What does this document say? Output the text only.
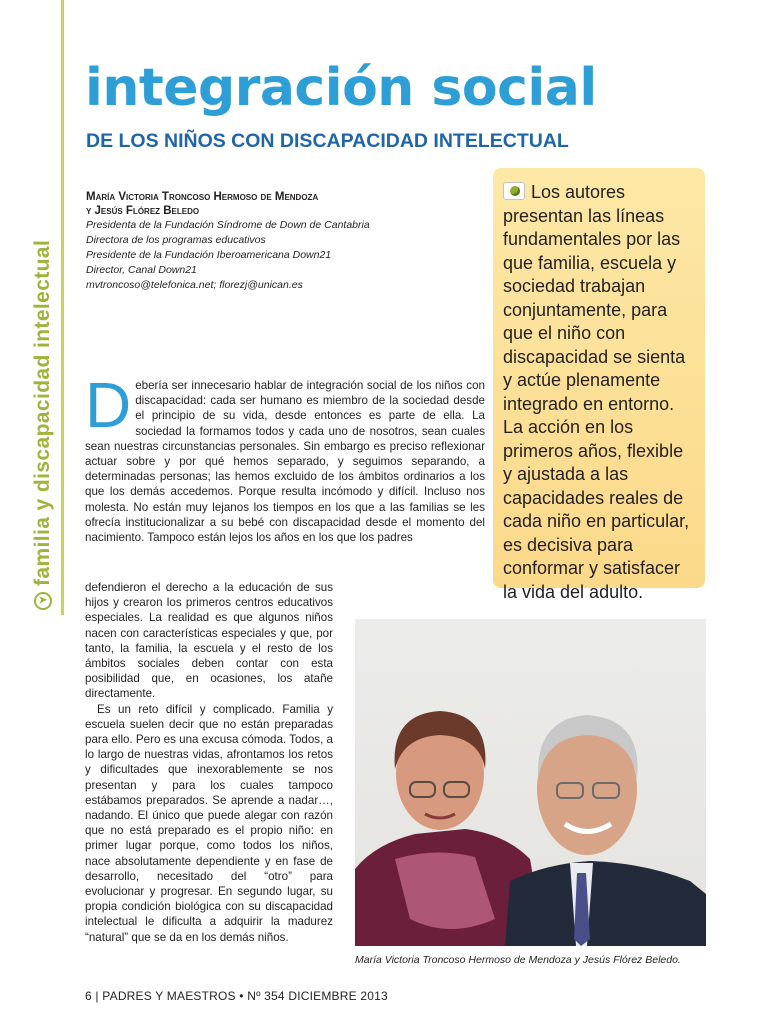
➤
familia y discapacidad intelectual
integración social
DE LOS NIÑOS CON DISCAPACIDAD INTELECTUAL
María Victoria Troncoso Hermoso de Mendoza
y Jesús Flórez Beledo
Presidenta de la Fundación Síndrome de Down de Cantabria
Directora de los programas educativos
Presidente de la Fundación Iberoamericana Down21
Director, Canal Down21
mvtroncoso@telefonica.net; florezj@unican.es
Los autores presentan las líneas fundamentales por las que familia, escuela y sociedad trabajan conjuntamente, para que el niño con discapacidad se sienta y actúe plenamente integrado en entorno. La acción en los primeros años, flexible y ajustada a las capacidades reales de cada niño en particular, es decisiva para conformar y satisfacer la vida del adulto.

Debería ser innecesario hablar de integración social de los niños con discapacidad: cada ser humano es miembro de la sociedad desde el principio de su vida, desde entonces es parte de ella. La sociedad la formamos todos y cada uno de nosotros, sean cuales sean nuestras circunstancias personales. Sin embargo es preciso reflexionar actuar sobre y por qué hemos separado, y seguimos separando, a determinadas personas; las hemos excluido de los ámbitos ordinarios a los que los demás accedemos. Porque resulta incómodo y difícil. Incluso nos molesta. No están muy lejanos los tiempos en los que a las familias se les ofrecía institucionalizar a su bebé con discapacidad desde el momento del nacimiento. Tampoco están lejos los años en los que los padres

defendieron el derecho a la educación de sus hijos y crearon los primeros centros educativos especiales. La realidad es que algunos niños nacen con características especiales y que, por tanto, la familia, la escuela y el resto de los ámbitos sociales deben contar con esta posibilidad que, en ocasiones, los atañe directamente.

Es un reto difícil y complicado. Familia y escuela suelen decir que no están preparadas para ello. Pero es una excusa cómoda. Todos, a lo largo de nuestras vidas, afrontamos los retos y dificultades que inexorablemente se nos presentan y para los cuales tampoco estábamos preparados. Se aprende a nadar…, nadando. El único que puede alegar con razón que no está preparado es el propio niño: en primer lugar porque, como todos los niños, nace absolutamente dependiente y en fase de desarrollo, necesitado del “otro” para evolucionar y progresar. En segundo lugar, su propia condición biológica con su discapacidad intelectual le dificulta a adquirir la madurez “natural” que se da en los demás niños.

María Victoria Troncoso Hermoso de Mendoza y Jesús Flórez Beledo.
6 | PADRES Y MAESTROS • Nº 354 DICIEMBRE 2013
